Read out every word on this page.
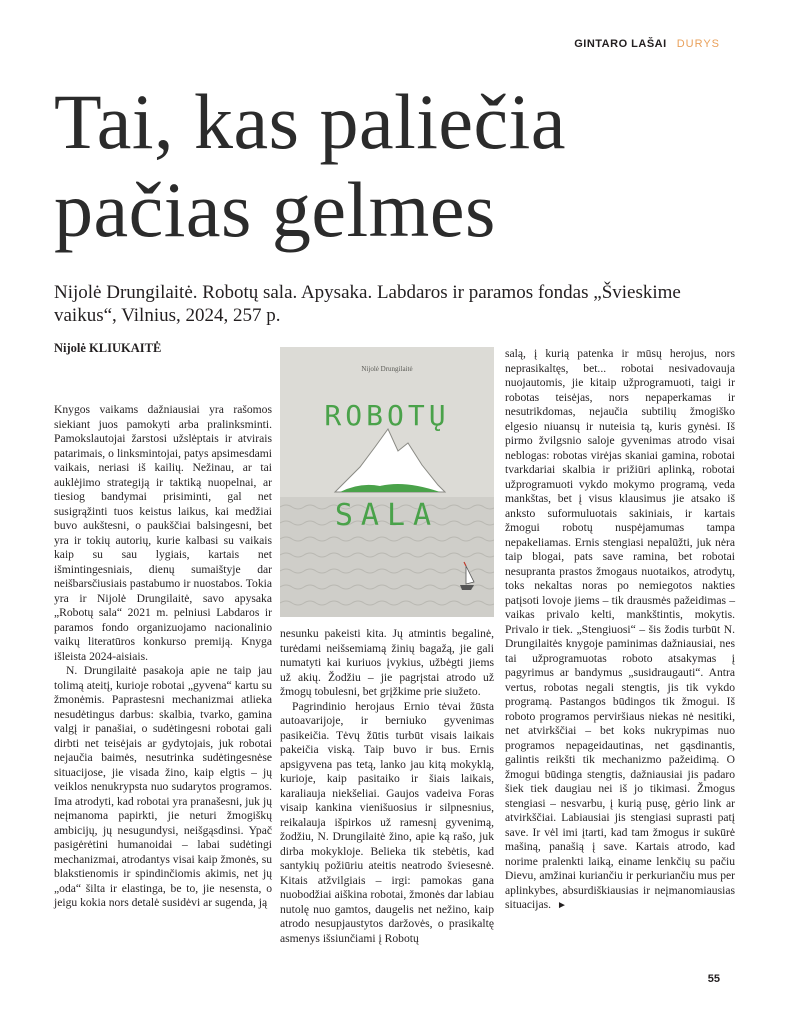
GINTARO LAŠAI DURYS
Tai, kas paliečia pačias gelmes
Nijolė Drungilaitė. Robotų sala. Apysaka. Labdaros ir paramos fondas „Švieskime vaikus“, Vilnius, 2024, 257 p.
Nijolė KLIUKAITĖ

Knygos vaikams dažniausiai yra rašomos siekiant juos pamokyti arba pralinksminti. Pamokslautojai žarstosi užslėptais ir atvirais patarimais, o linksmintojai, patys apsimesdami vaikais, neriasi iš kailių. Nežinau, ar tai auklėjimo strategiją ir taktiką nuopelnai, ar tiesiog bandymai prisiminti, gal net susigrąžinti tuos keistus laikus, kai medžiai buvo aukštesni, o paukščiai balsingesni, bet yra ir tokių autorių, kurie kalbasi su vaikais kaip su sau lygiais, kartais net išmintingesniais, dienų sumaištyje dar neišbarsčiusiais pastabumo ir nuostabos. Tokia yra ir Nijolė Drungilaitė, savo apysaka „Robotų sala“ 2021 m. pelniusi Labdaros ir paramos fondo organizuojamo nacionalinio vaikų literatūros konkurso premiją. Knyga išleista 2024-aisiais.

N. Drungilaitė pasakoja apie ne taip jau tolimą ateitį, kurioje robotai „gyvena“ kartu su žmonėmis. Paprastesni mechanizmai atlieka nesudėtingus darbus: skalbia, tvarko, gamina valgį ir panašiai, o sudėtingesni robotai gali dirbti net teisėjais ar gydytojais, juk robotai nejaučia baimės, nesutrinka sudėtingesnėse situacijose, jie visada žino, kaip elgtis – jų veiklos nenukrypsta nuo sudarytos programos. Ima atrodyti, kad robotai yra pranašesni, juk jų neįmanoma papirkti, jie neturi žmogiškų ambicijų, jų nesugundysi, neišgąsdinsi. Ypač pasigėrėtini humanoidai – labai sudėtingi mechanizmai, atrodantys visai kaip žmonės, su blakstienomis ir spindinčiomis akimis, net jų „oda“ šilta ir elastinga, be to, jie nesensta, o jeigu kokia nors detalė susidėvi ar sugenda, ją

Nijolė Drungilaitė
ROBOTŲ
SALA

nesunku pakeisti kita. Jų atmintis begalinė, turėdami neišsemiamą žinių bagažą, jie gali numatyti kai kuriuos įvykius, užbėgti jiems už akių. Žodžiu – jie pagrįstai atrodo už žmogų tobulesni, bet grįžkime prie siužeto.

Pagrindinio herojaus Ernio tėvai žūsta autoavarijoje, ir berniuko gyvenimas pasikeičia. Tėvų žūtis turbūt visais laikais pakeičia viską. Taip buvo ir bus. Ernis apsigyvena pas tetą, lanko jau kitą mokyklą, kurioje, kaip pasitaiko ir šiais laikais, karaliauja niekšeliai. Gaujos vadeiva Foras visaip kankina vienišuosius ir silpnesnius, reikalauja išpirkos už ramesnį gyvenimą, žodžiu, N. Drungilaitė žino, apie ką rašo, juk dirba mokykloje. Belieka tik stebėtis, kad santykių požiūriu ateitis neatrodo šviesesnė. Kitais atžvilgiais – irgi: pamokas gana nuobodžiai aiškina robotai, žmonės dar labiau nutolę nuo gamtos, daugelis net nežino, kaip atrodo nesupjaustytos daržovės, o prasikaltę asmenys išsiunčiami į Robotų

salą, į kurią patenka ir mūsų herojus, nors neprasikaltęs, bet... robotai nesivadovauja nuojautomis, jie kitaip užprogramuoti, taigi ir robotas teisėjas, nors nepaperkamas ir nesutrikdomas, nejaučia subtilių žmogiško elgesio niuansų ir nuteisia tą, kuris gynėsi. Iš pirmo žvilgsnio saloje gyvenimas atrodo visai neblogas: robotas virėjas skaniai gamina, robotai tvarkdariai skalbia ir prižiūri aplinką, robotai užprogramuoti vykdo mokymo programą, veda mankštas, bet į visus klausimus jie atsako iš anksto suformuluotais sakiniais, ir kartais žmogui robotų nuspėjamumas tampa nepakeliamas. Ernis stengiasi nepalūžti, juk nėra taip blogai, pats save ramina, bet robotai nesupranta prastos žmogaus nuotaikos, atrodytų, toks nekaltas noras po nemiegotos nakties patįsoti lovoje jiems – tik drausmės pažeidimas – vaikas privalo kelti, mankštintis, mokytis. Privalo ir tiek. „Stengiuosi“ – šis žodis turbūt N. Drungilaitės knygoje paminimas dažniausiai, nes tai užprogramuotas roboto atsakymas į pagyrimus ar bandymus „susidraugauti“. Antra vertus, robotas negali stengtis, jis tik vykdo programą. Pastangos būdingos tik žmogui. Iš roboto programos perviršiaus niekas nė nesitiki, net atvirkščiai – bet koks nukrypimas nuo programos nepageidautinas, net gąsdinantis, galintis reikšti tik mechanizmo pažeidimą. O žmogui būdinga stengtis, dažniausiai jis padaro šiek tiek daugiau nei iš jo tikimasi. Žmogus stengiasi – nesvarbu, į kurią pusę, gėrio link ar atvirkščiai. Labiausiai jis stengiasi suprasti patį save. Ir vėl imi įtarti, kad tam žmogus ir sukūrė mašiną, panašią į save. Kartais atrodo, kad norime pralenkti laiką, einame lenkčių su pačiu Dievu, amžinai kuriančiu ir perkuriančiu mus per aplinkybes, absurdiškiausias ir neįmanomiausias situacijas. ►

55
